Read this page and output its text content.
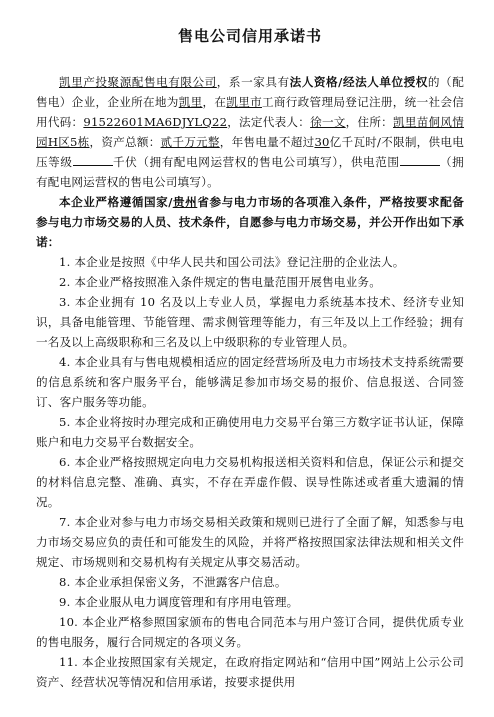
售电公司信用承诺书

凯里产投聚源配售电有限公司，系一家具有法人资格/经法人单位授权的（配售电）企业，企业所在地为凯里，在凯里市工商行政管理局登记注册，统一社会信用代码：91522601MA6DJYLQ22，法定代表人：徐一文，住所：凯里苗侗风情园H区5栋，资产总额：贰千万元整，年售电量不超过30亿千瓦时/不限制，供电电压等级	千伏（拥有配电网运营权的售电公司填写），供电范围	（拥有配电网运营权的售电公司填写）。

本企业严格遵循国家/贵州省参与电力市场的各项准入条件，严格按要求配备参与电力市场交易的人员、技术条件，自愿参与电力市场交易，并公开作出如下承诺：

1. 本企业是按照《中华人民共和国公司法》登记注册的企业法人。

2. 本企业严格按照准入条件规定的售电量范围开展售电业务。

3. 本企业拥有 10 名及以上专业人员，掌握电力系统基本技术、经济专业知识，具备电能管理、节能管理、需求侧管理等能力，有三年及以上工作经验；拥有一名及以上高级职称和三名及以上中级职称的专业管理人员。

4. 本企业具有与售电规模相适应的固定经营场所及电力市场技术支持系统需要的信息系统和客户服务平台，能够满足参加市场交易的报价、信息报送、合同签订、客户服务等功能。

5. 本企业将按时办理完成和正确使用电力交易平台第三方数字证书认证，保障账户和电力交易平台数据安全。

6. 本企业严格按照规定向电力交易机构报送相关资料和信息，保证公示和提交的材料信息完整、准确、真实，不存在弄虚作假、误导性陈述或者重大遗漏的情况。

7. 本企业对参与电力市场交易相关政策和规则已进行了全面了解，知悉参与电力市场交易应负的责任和可能发生的风险，并将严格按照国家法律法规和相关文件规定、市场规则和交易机构有关规定从事交易活动。

8. 本企业承担保密义务，不泄露客户信息。

9. 本企业服从电力调度管理和有序用电管理。

10. 本企业严格参照国家颁布的售电合同范本与用户签订合同，提供优质专业的售电服务，履行合同规定的各项义务。

11. 本企业按照国家有关规定，在政府指定网站和“信用中国”网站上公示公司资产、经营状况等情况和信用承诺，按要求提供用
